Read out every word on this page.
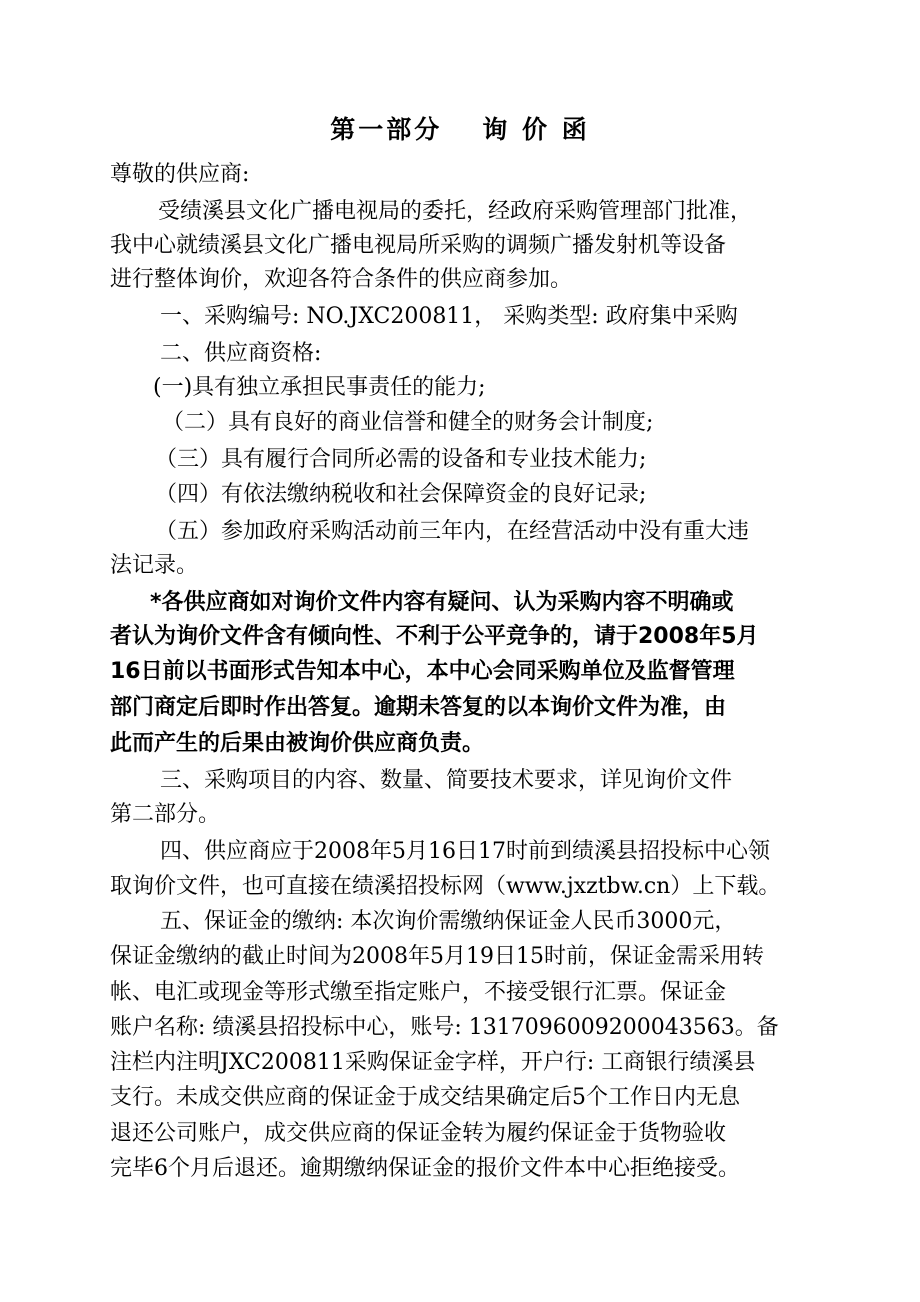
第一部分 询 价 函
尊敬的供应商:
受绩溪县文化广播电视局的委托，经政府采购管理部门批准，
我中心就绩溪县文化广播电视局所采购的调频广播发射机等设备
进行整体询价，欢迎各符合条件的供应商参加。
一、采购编号: NO.JXC200811， 采购类型: 政府集中采购
二、供应商资格:
(一)具有独立承担民事责任的能力;
（二）具有良好的商业信誉和健全的财务会计制度;
（三）具有履行合同所必需的设备和专业技术能力;
（四）有依法缴纳税收和社会保障资金的良好记录;
（五）参加政府采购活动前三年内，在经营活动中没有重大违
法记录。
*各供应商如对询价文件内容有疑问、认为采购内容不明确或
者认为询价文件含有倾向性、不利于公平竞争的，请于2008年5月
16日前以书面形式告知本中心，本中心会同采购单位及监督管理
部门商定后即时作出答复。逾期未答复的以本询价文件为准，由
此而产生的后果由被询价供应商负责。
三、采购项目的内容、数量、简要技术要求，详见询价文件
第二部分。
四、供应商应于2008年5月16日17时前到绩溪县招投标中心领
取询价文件，也可直接在绩溪招投标网（www.jxztbw.cn）上下载。
五、保证金的缴纳: 本次询价需缴纳保证金人民币3000元，
保证金缴纳的截止时间为2008年5月19日15时前，保证金需采用转
帐、电汇或现金等形式缴至指定账户，不接受银行汇票。保证金
账户名称: 绩溪县招投标中心，账号: 1317096009200043563。备
注栏内注明JXC200811采购保证金字样，开户行: 工商银行绩溪县
支行。未成交供应商的保证金于成交结果确定后5个工作日内无息
退还公司账户，成交供应商的保证金转为履约保证金于货物验收
完毕6个月后退还。逾期缴纳保证金的报价文件本中心拒绝接受。
